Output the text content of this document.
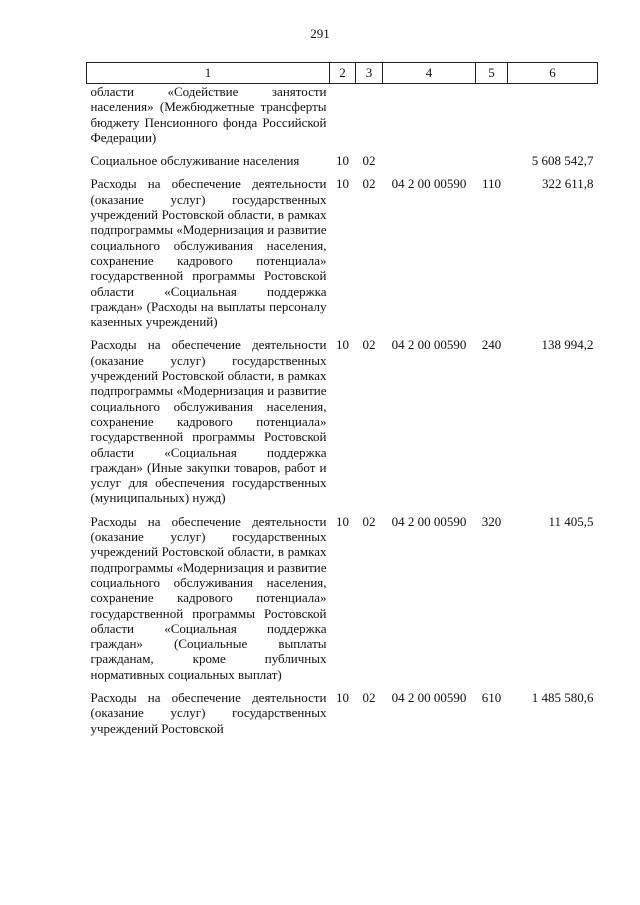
291
1	2	3	4	5	6
области «Содействие занятости населения» (Межбюджетные трансферты бюджету Пенсионного фонда Российской Федерации)					
Социальное обслуживание населения	10	02			5 608 542,7
Расходы на обеспечение деятельности (оказание услуг) государственных учреждений Ростовской области, в рамках подпрограммы «Модернизация и развитие социального обслуживания населения, сохранение кадрового потенциала» государственной программы Ростовской области «Социальная поддержка граждан» (Расходы на выплаты персоналу казенных учреждений)	10	02	04 2 00 00590	110	322 611,8
Расходы на обеспечение деятельности (оказание услуг) государственных учреждений Ростовской области, в рамках подпрограммы «Модернизация и развитие социального обслуживания населения, сохранение кадрового потенциала» государственной программы Ростовской области «Социальная поддержка граждан» (Иные закупки товаров, работ и услуг для обеспечения государственных (муниципальных) нужд)	10	02	04 2 00 00590	240	138 994,2
Расходы на обеспечение деятельности (оказание услуг) государственных учреждений Ростовской области, в рамках подпрограммы «Модернизация и развитие социального обслуживания населения, сохранение кадрового потенциала» государственной программы Ростовской области «Социальная поддержка граждан» (Социальные выплаты гражданам, кроме публичных нормативных социальных выплат)	10	02	04 2 00 00590	320	11 405,5
Расходы на обеспечение деятельности (оказание услуг) государственных учреждений Ростовской	10	02	04 2 00 00590	610	1 485 580,6
